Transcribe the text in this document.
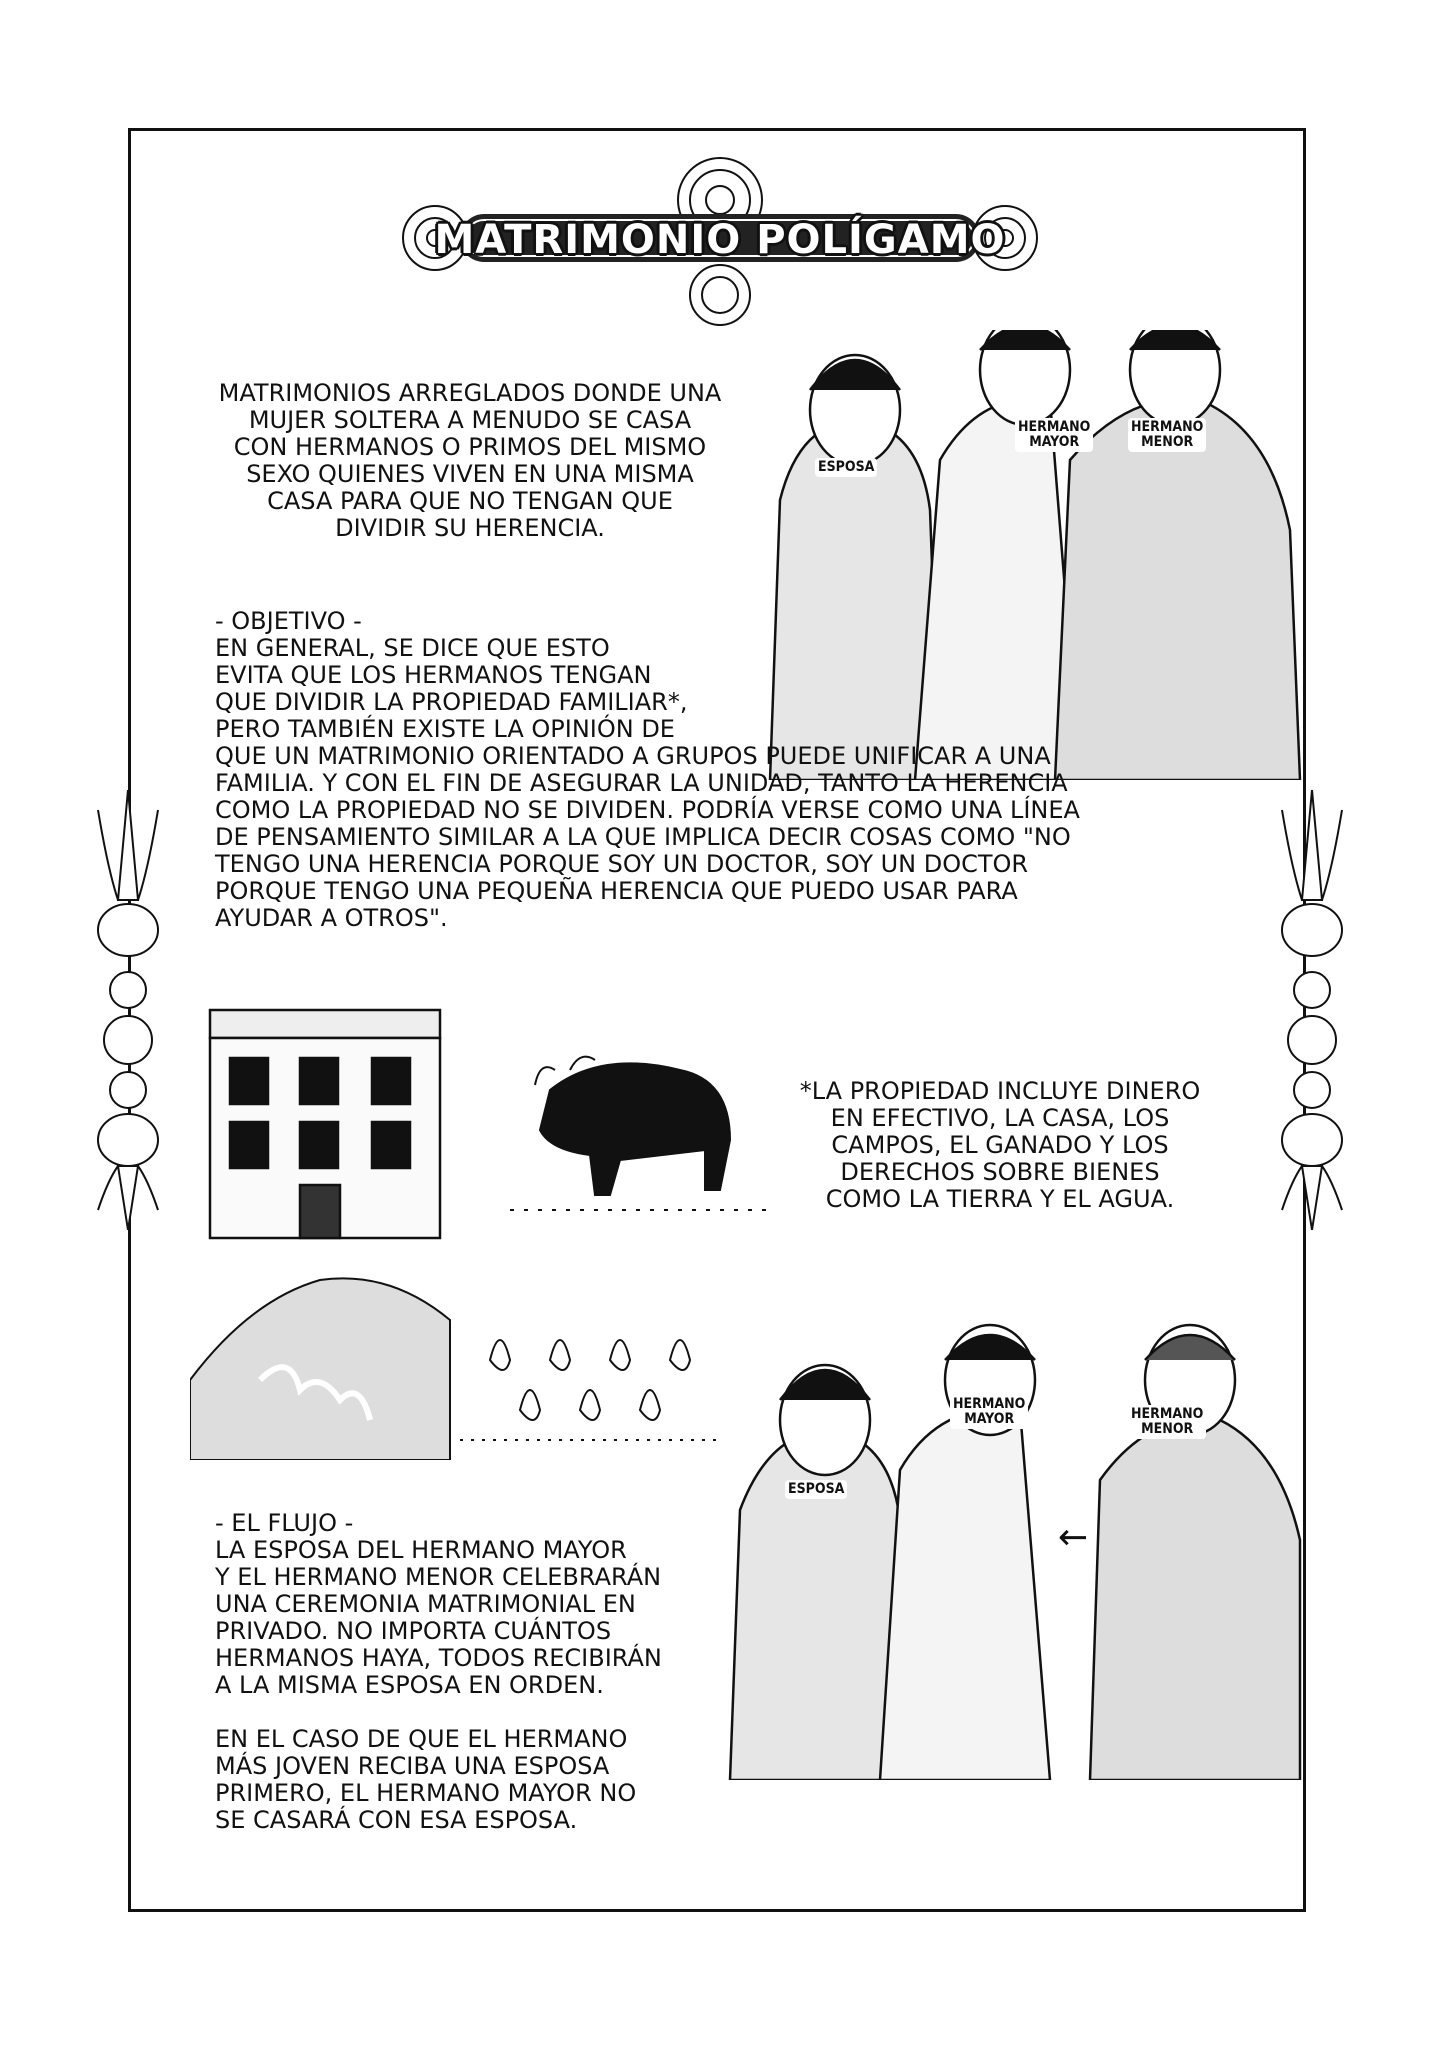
MATRIMONIO POLÍGAMO

MATRIMONIOS ARREGLADOS DONDE UNA
MUJER SOLTERA A MENUDO SE CASA
CON HERMANOS O PRIMOS DEL MISMO
SEXO QUIENES VIVEN EN UNA MISMA
CASA PARA QUE NO TENGAN QUE
DIVIDIR SU HERENCIA.

ESPOSA
HERMANO
MAYOR
HERMANO
MENOR

- OBJETIVO -

EN GENERAL, SE DICE QUE ESTO
EVITA QUE LOS HERMANOS TENGAN
QUE DIVIDIR LA PROPIEDAD FAMILIAR*,
PERO TAMBIÉN EXISTE LA OPINIÓN DE

QUE UN MATRIMONIO ORIENTADO A GRUPOS PUEDE UNIFICAR A UNA
FAMILIA. Y CON EL FIN DE ASEGURAR LA UNIDAD, TANTO LA HERENCIA
COMO LA PROPIEDAD NO SE DIVIDEN. PODRÍA VERSE COMO UNA LÍNEA
DE PENSAMIENTO SIMILAR A LA QUE IMPLICA DECIR COSAS COMO "NO
TENGO UNA HERENCIA PORQUE SOY UN DOCTOR, SOY UN DOCTOR
PORQUE TENGO UNA PEQUEÑA HERENCIA QUE PUEDO USAR PARA
AYUDAR A OTROS".

*LA PROPIEDAD INCLUYE DINERO
EN EFECTIVO, LA CASA, LOS
CAMPOS, EL GANADO Y LOS
DERECHOS SOBRE BIENES
COMO LA TIERRA Y EL AGUA.

←
ESPOSA
HERMANO
MAYOR	HERMANO
MENOR

- EL FLUJO -

LA ESPOSA DEL HERMANO MAYOR
Y EL HERMANO MENOR CELEBRARÁN
UNA CEREMONIA MATRIMONIAL EN
PRIVADO. NO IMPORTA CUÁNTOS
HERMANOS HAYA, TODOS RECIBIRÁN
A LA MISMA ESPOSA EN ORDEN.

EN EL CASO DE QUE EL HERMANO
MÁS JOVEN RECIBA UNA ESPOSA
PRIMERO, EL HERMANO MAYOR NO
SE CASARÁ CON ESA ESPOSA.
